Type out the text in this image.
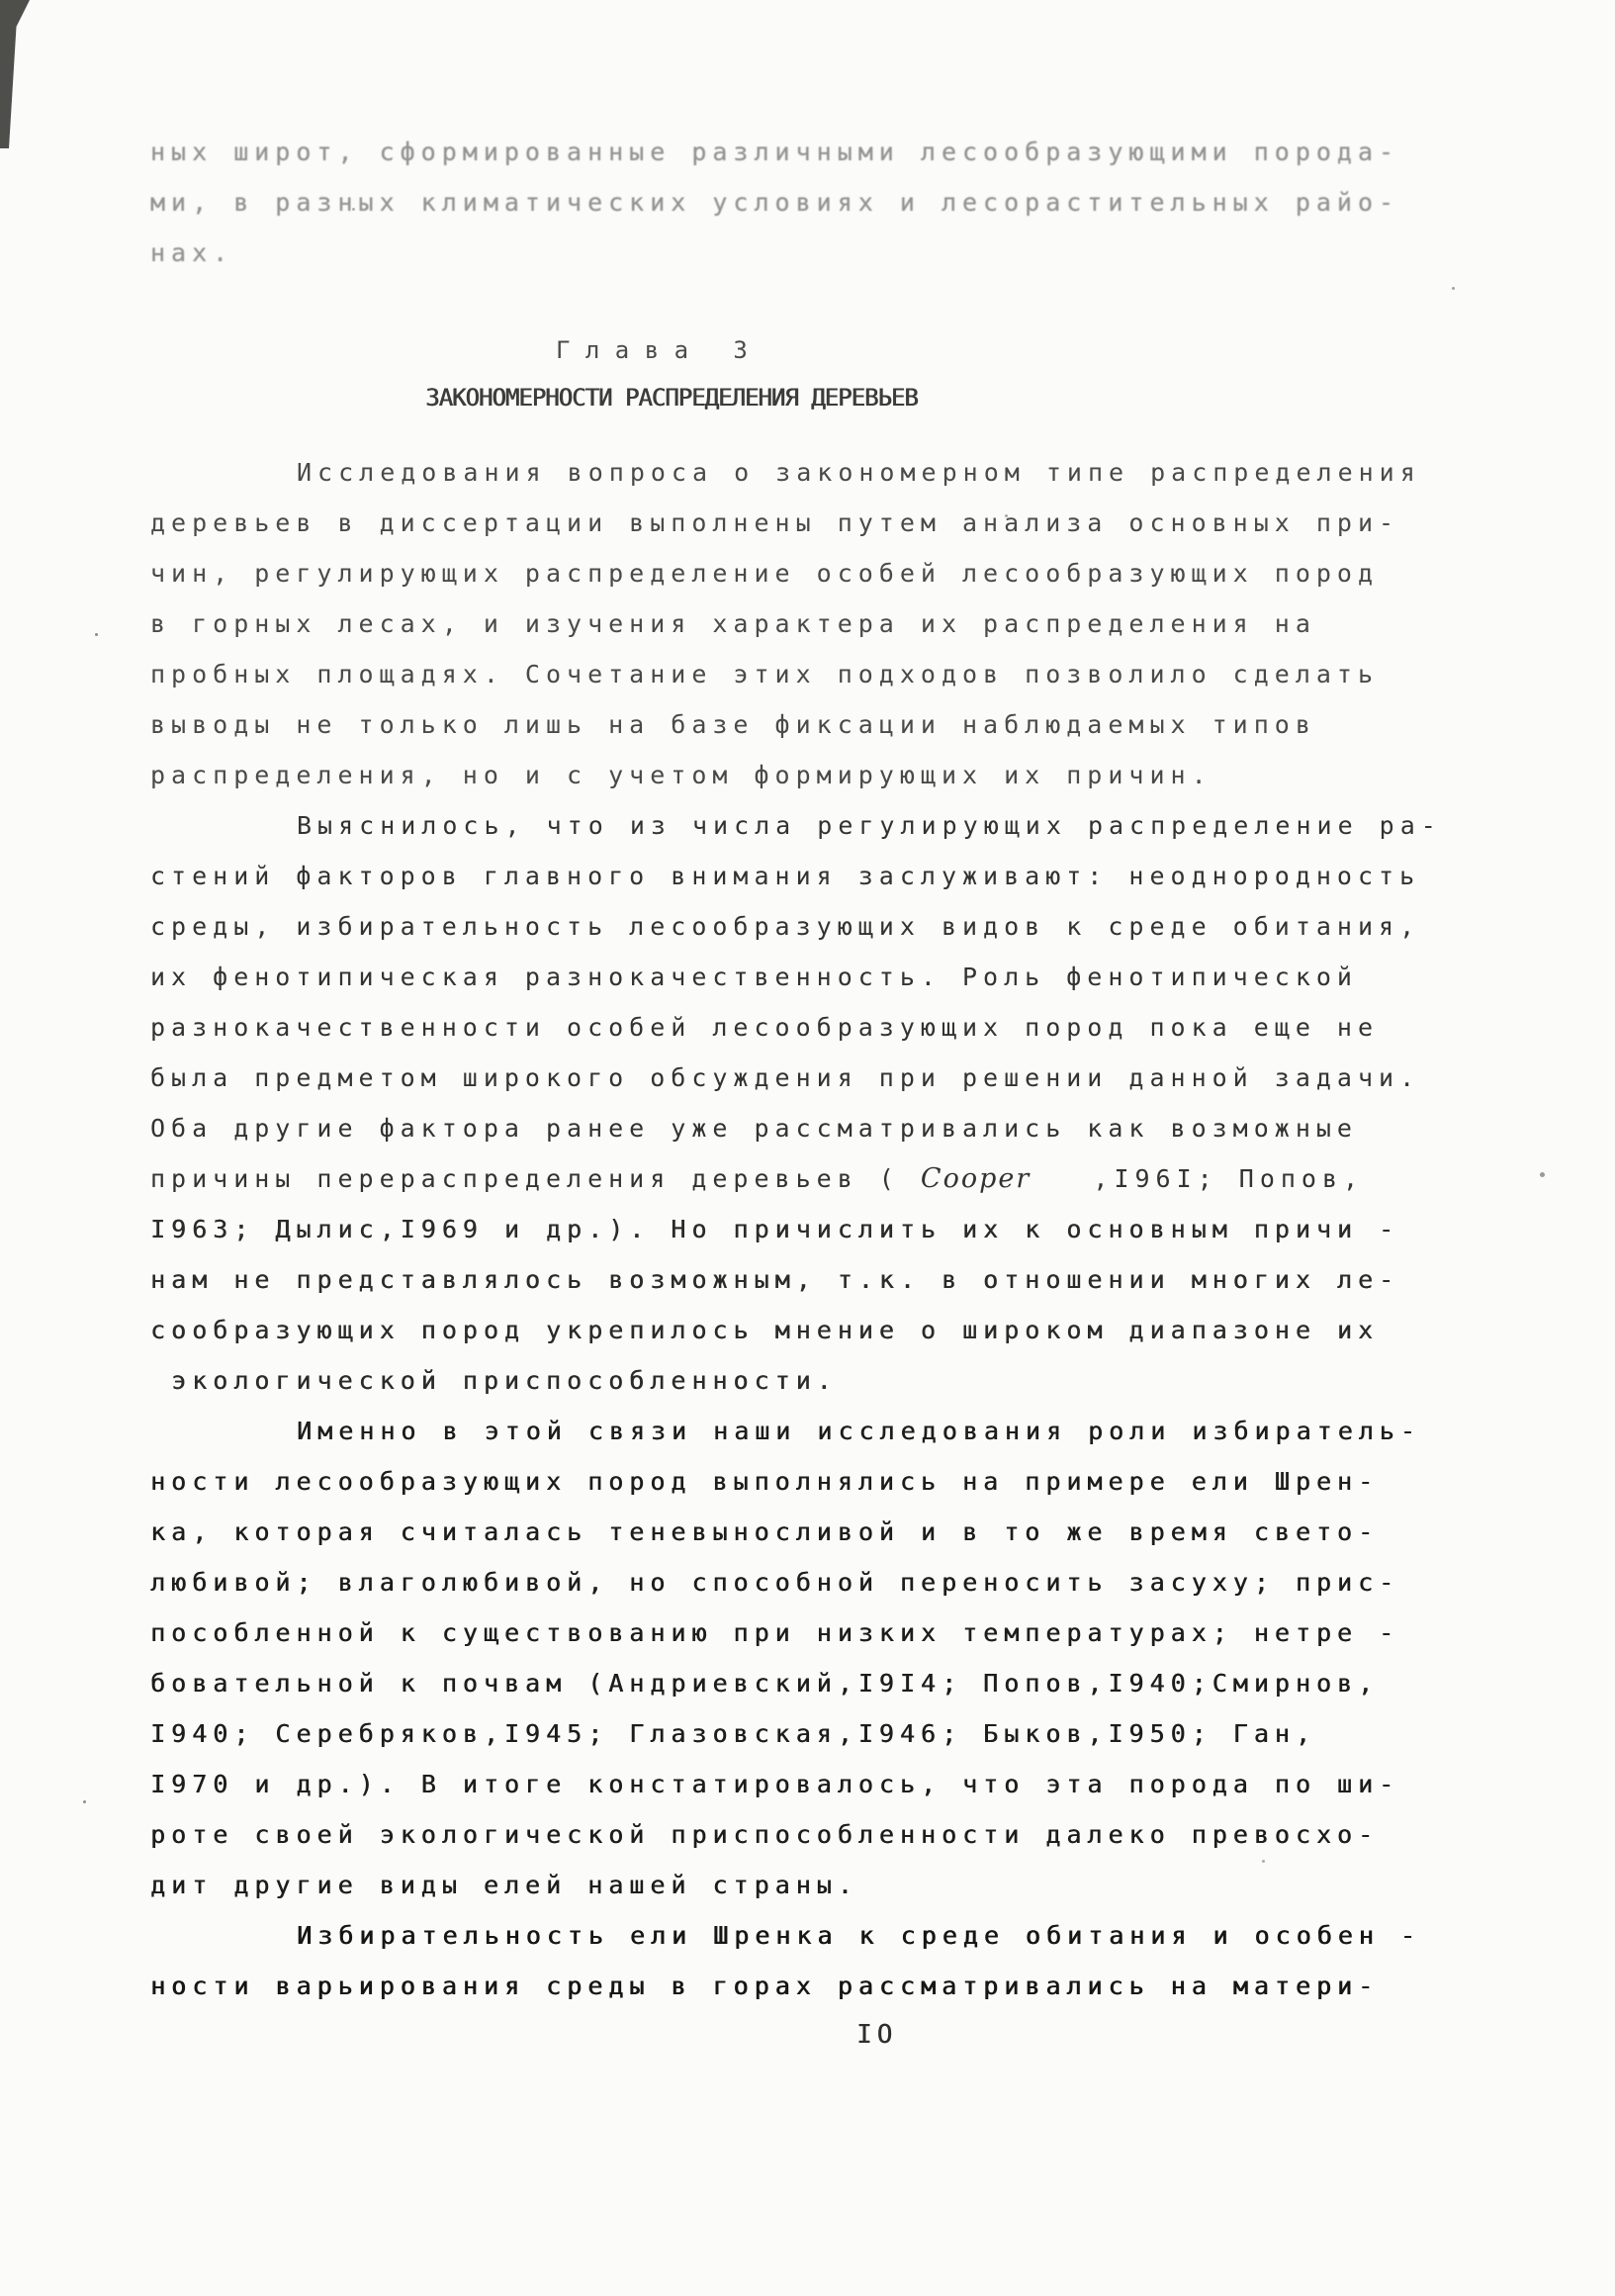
ных широт, сформированные различными лесообразующими порода-
ми, в разных климатических условиях и лесорастительных райо-
нах.
Г л а в а   3
ЗАКОНОМЕРНОСТИ РАСПРЕДЕЛЕНИЯ ДЕРЕВЬЕВ
Исследования вопроса о закономерном типе распределения
деревьев в диссертации выполнены путем анализа основных при-
чин, регулирующих распределение особей лесообразующих пород
в горных лесах, и изучения характера их распределения на
пробных площадях. Сочетание этих подходов позволило сделать
выводы не только лишь на базе фиксации наблюдаемых типов
распределения, но и с учетом формирующих их причин.
Выяснилось, что из числа регулирующих распределение ра-
стений факторов главного внимания заслуживают: неоднородность
среды, избирательность лесообразующих видов к среде обитания,
их фенотипическая разнокачественность. Роль фенотипической
разнокачественности особей лесообразующих пород пока еще не
была предметом широкого обсуждения при решении данной задачи.
Оба другие фактора ранее уже рассматривались как возможные
причины перераспределения деревьев ( Cooper   ,I96I; Попов,
I963; Дылис,I969 и др.). Но причислить их к основным причи -
нам не представлялось возможным, т.к. в отношении многих ле-
сообразующих пород укрепилось мнение о широком диапазоне их
экологической приспособленности.
Именно в этой связи наши исследования роли избиратель-
ности лесообразующих пород выполнялись на примере ели Шрен-
ка, которая считалась теневыносливой и в то же время свето-
любивой; влаголюбивой, но способной переносить засуху; прис-
пособленной к существованию при низких температурах; нетре -
бовательной к почвам (Андриевский,I9I4; Попов,I940;Смирнов,
I940; Серебряков,I945; Глазовская,I946; Быков,I950; Ган,
I970 и др.). В итоге констатировалось, что эта порода по ши-
роте своей экологической приспособленности далеко превосхо-
дит другие виды елей нашей страны.
Избирательность ели Шренка к среде обитания и особен -
ности варьирования среды в горах рассматривались на матери-
IO
